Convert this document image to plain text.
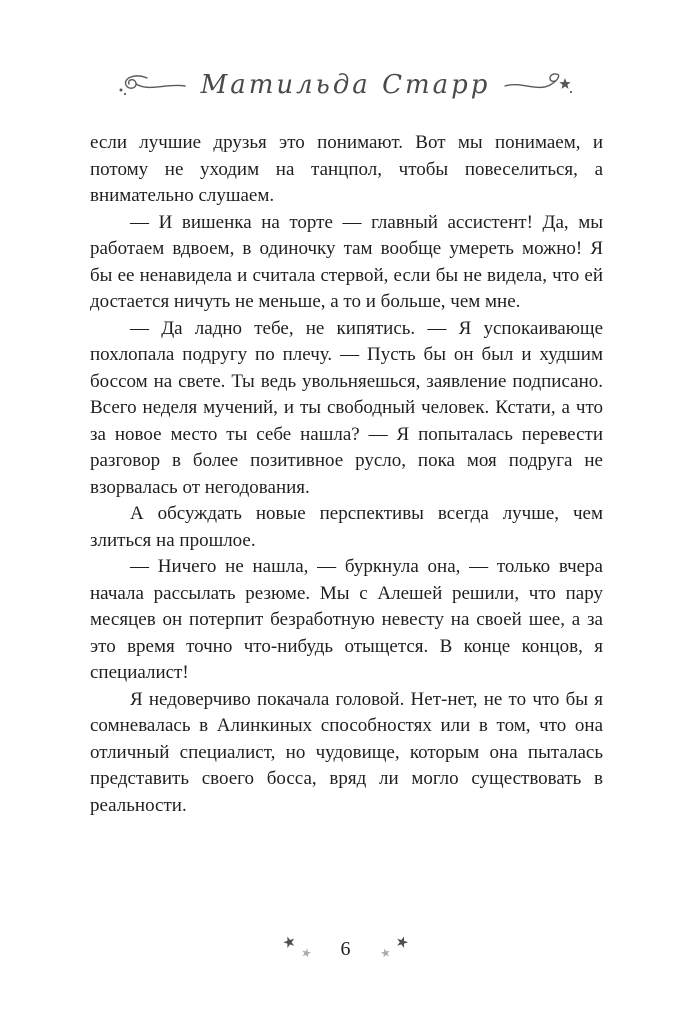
Матильда Старр

если лучшие друзья это понимают. Вот мы понимаем, и потому не уходим на танцпол, чтобы повеселиться, а внимательно слушаем.

— И вишенка на торте — главный ассистент! Да, мы работаем вдвоем, в одиночку там вообще умереть можно! Я бы ее ненавидела и считала стервой, если бы не видела, что ей достается ничуть не меньше, а то и больше, чем мне.

— Да ладно тебе, не кипятись. — Я успокаивающе похлопала подругу по плечу. — Пусть бы он был и худшим боссом на свете. Ты ведь увольняешься, заявление подписано. Всего неделя мучений, и ты свободный человек. Кстати, а что за новое место ты себе нашла? — Я попыталась перевести разговор в более позитивное русло, пока моя подруга не взорвалась от негодования.

А обсуждать новые перспективы всегда лучше, чем злиться на прошлое.

— Ничего не нашла, — буркнула она, — только вчера начала рассылать резюме. Мы с Алешей решили, что пару месяцев он потерпит безработную невесту на своей шее, а за это время точно что-нибудь отыщется. В конце концов, я специалист!

Я недоверчиво покачала головой. Нет-нет, не то что бы я сомневалась в Алинкиных способностях или в том, что она отличный специалист, но чудовище, которым она пыталась представить своего босса, вряд ли могло существовать в реальности.

★
★ 6	★
★
